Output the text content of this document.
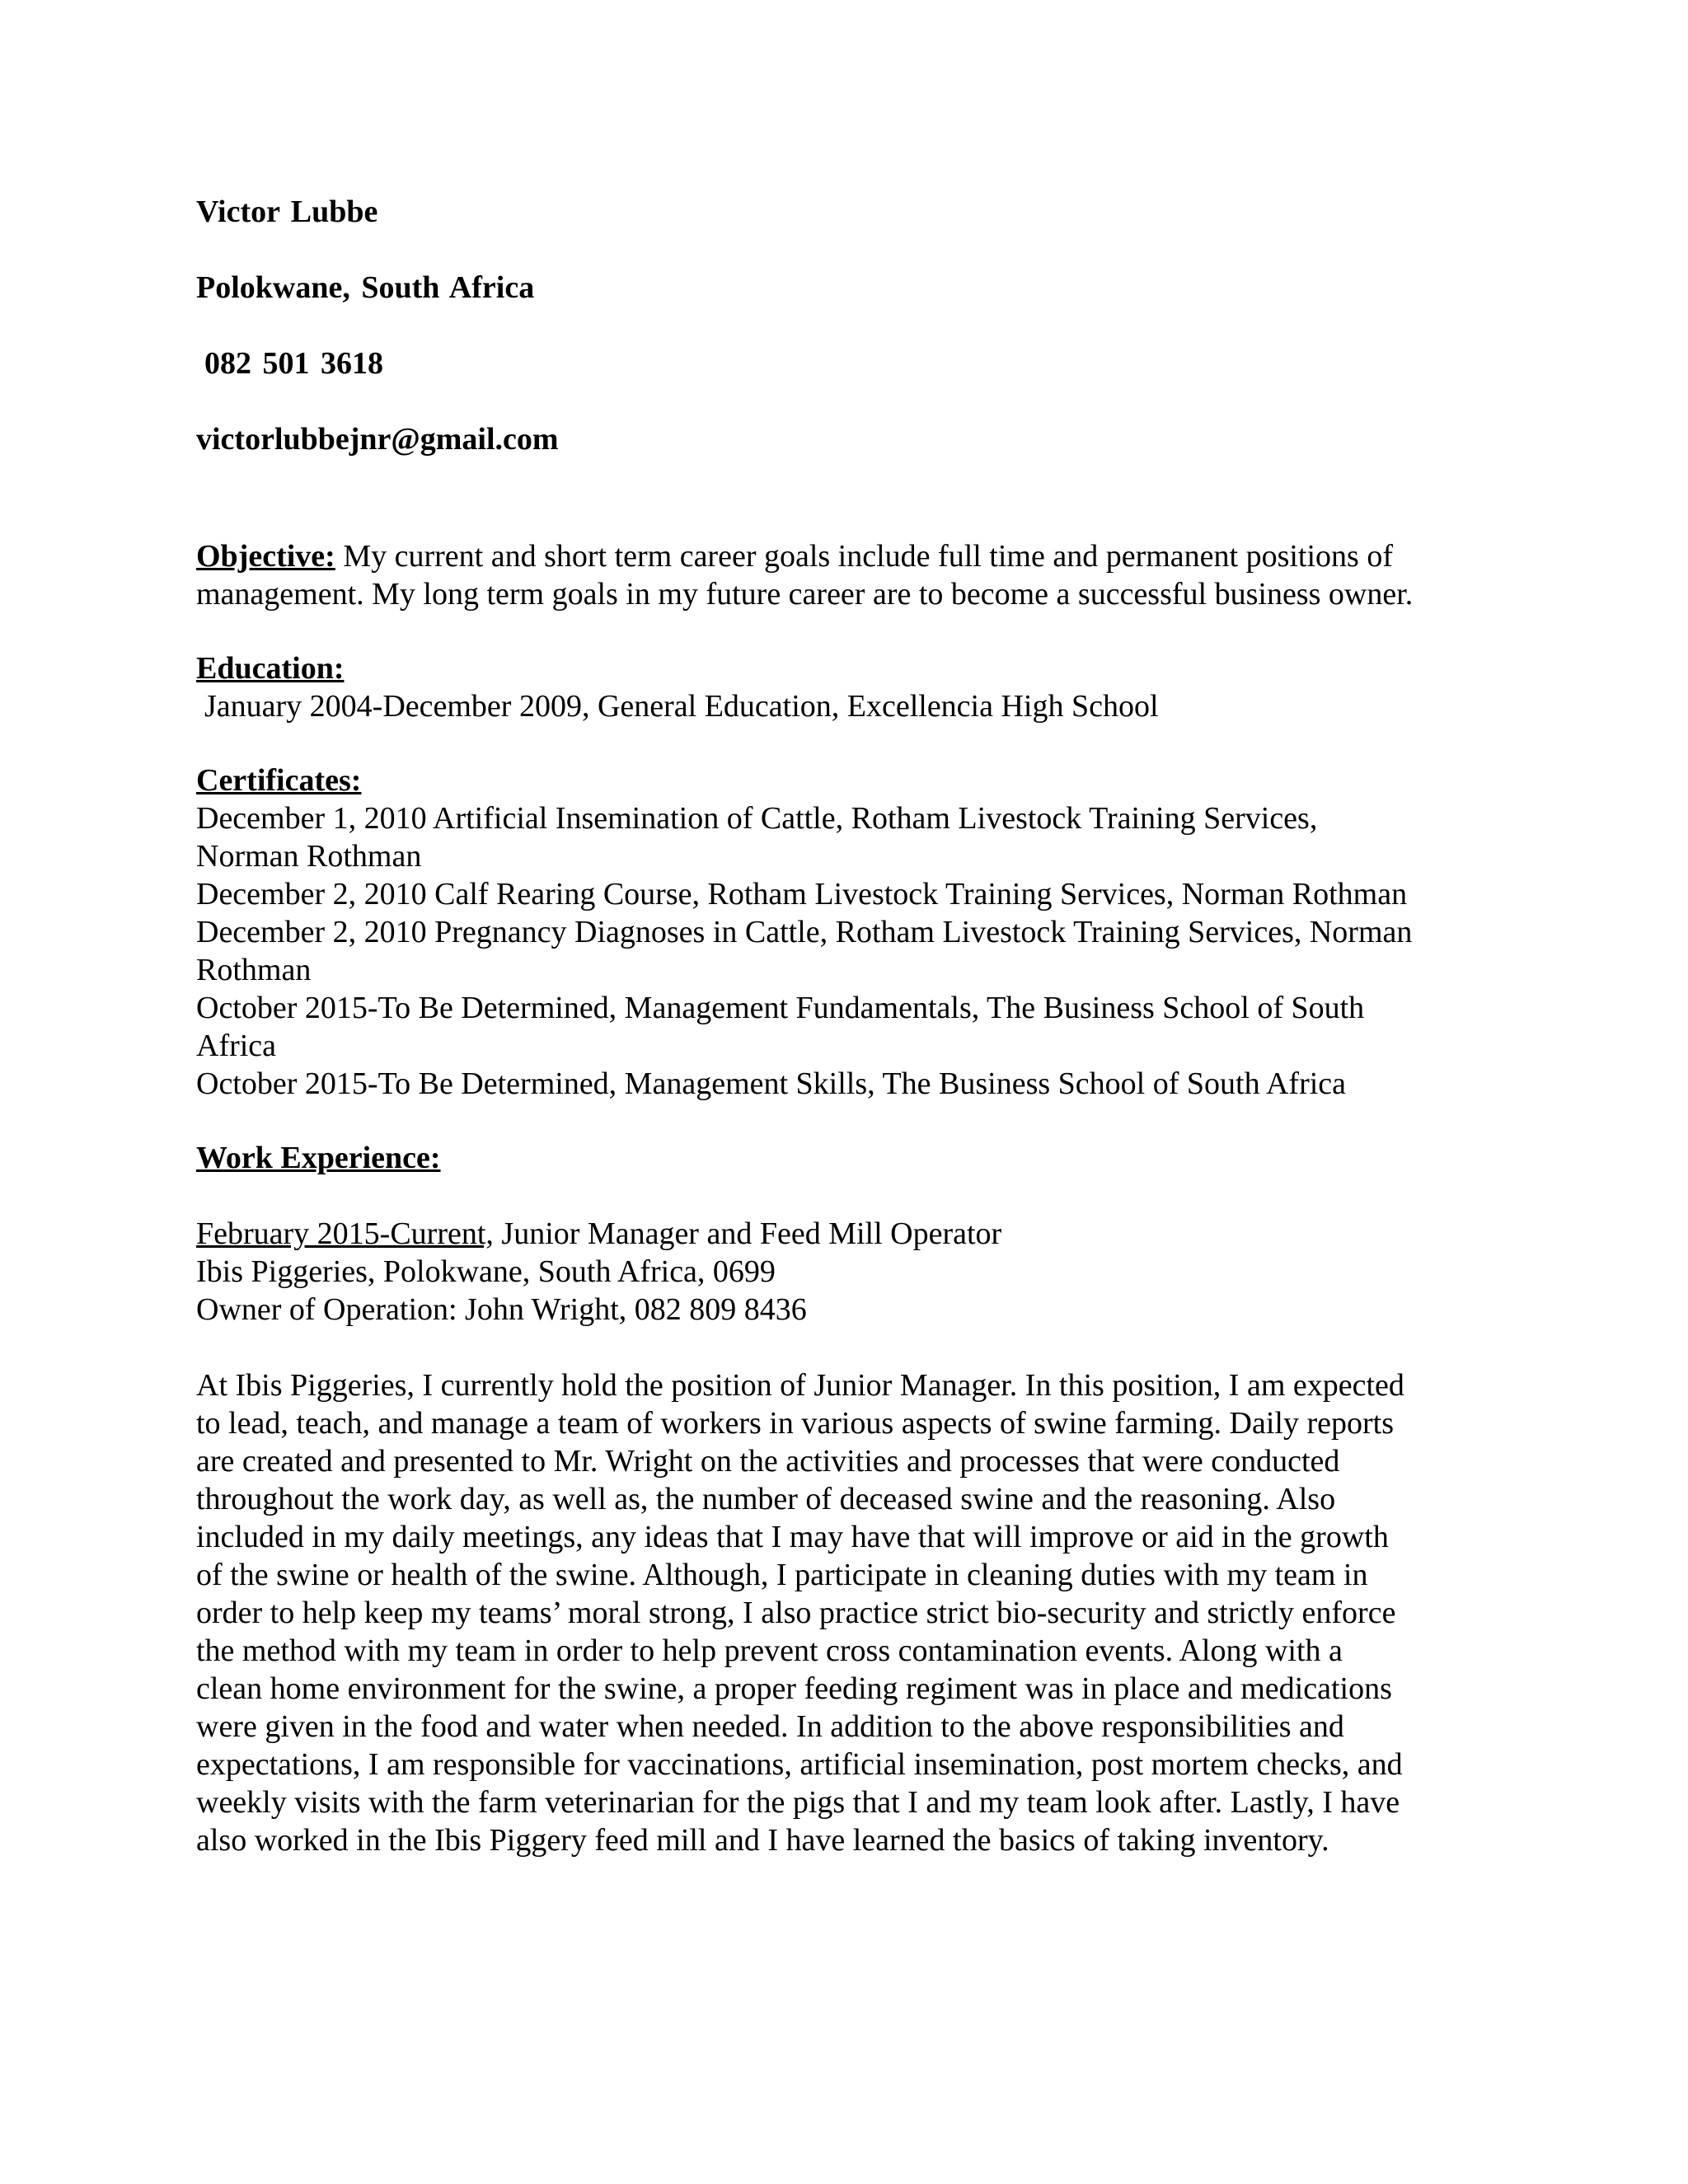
Victor Lubbe
Polokwane, South Africa
082 501 3618
victorlubbejnr@gmail.com
Objective: My current and short term career goals include full time and permanent positions of
management. My long term goals in my future career are to become a successful business owner.
Education:
January 2004-December 2009, General Education, Excellencia High School
Certificates:
December 1, 2010 Artificial Insemination of Cattle, Rotham Livestock Training Services,
Norman Rothman
December 2, 2010 Calf Rearing Course, Rotham Livestock Training Services, Norman Rothman
December 2, 2010 Pregnancy Diagnoses in Cattle, Rotham Livestock Training Services, Norman
Rothman
October 2015-To Be Determined, Management Fundamentals, The Business School of South
Africa
October 2015-To Be Determined, Management Skills, The Business School of South Africa
Work Experience:
February 2015-Current, Junior Manager and Feed Mill Operator
Ibis Piggeries, Polokwane, South Africa, 0699
Owner of Operation: John Wright, 082 809 8436
At Ibis Piggeries, I currently hold the position of Junior Manager. In this position, I am expected
to lead, teach, and manage a team of workers in various aspects of swine farming. Daily reports
are created and presented to Mr. Wright on the activities and processes that were conducted
throughout the work day, as well as, the number of deceased swine and the reasoning. Also
included in my daily meetings, any ideas that I may have that will improve or aid in the growth
of the swine or health of the swine. Although, I participate in cleaning duties with my team in
order to help keep my teams’ moral strong, I also practice strict bio-security and strictly enforce
the method with my team in order to help prevent cross contamination events. Along with a
clean home environment for the swine, a proper feeding regiment was in place and medications
were given in the food and water when needed. In addition to the above responsibilities and
expectations, I am responsible for vaccinations, artificial insemination, post mortem checks, and
weekly visits with the farm veterinarian for the pigs that I and my team look after. Lastly, I have
also worked in the Ibis Piggery feed mill and I have learned the basics of taking inventory.
